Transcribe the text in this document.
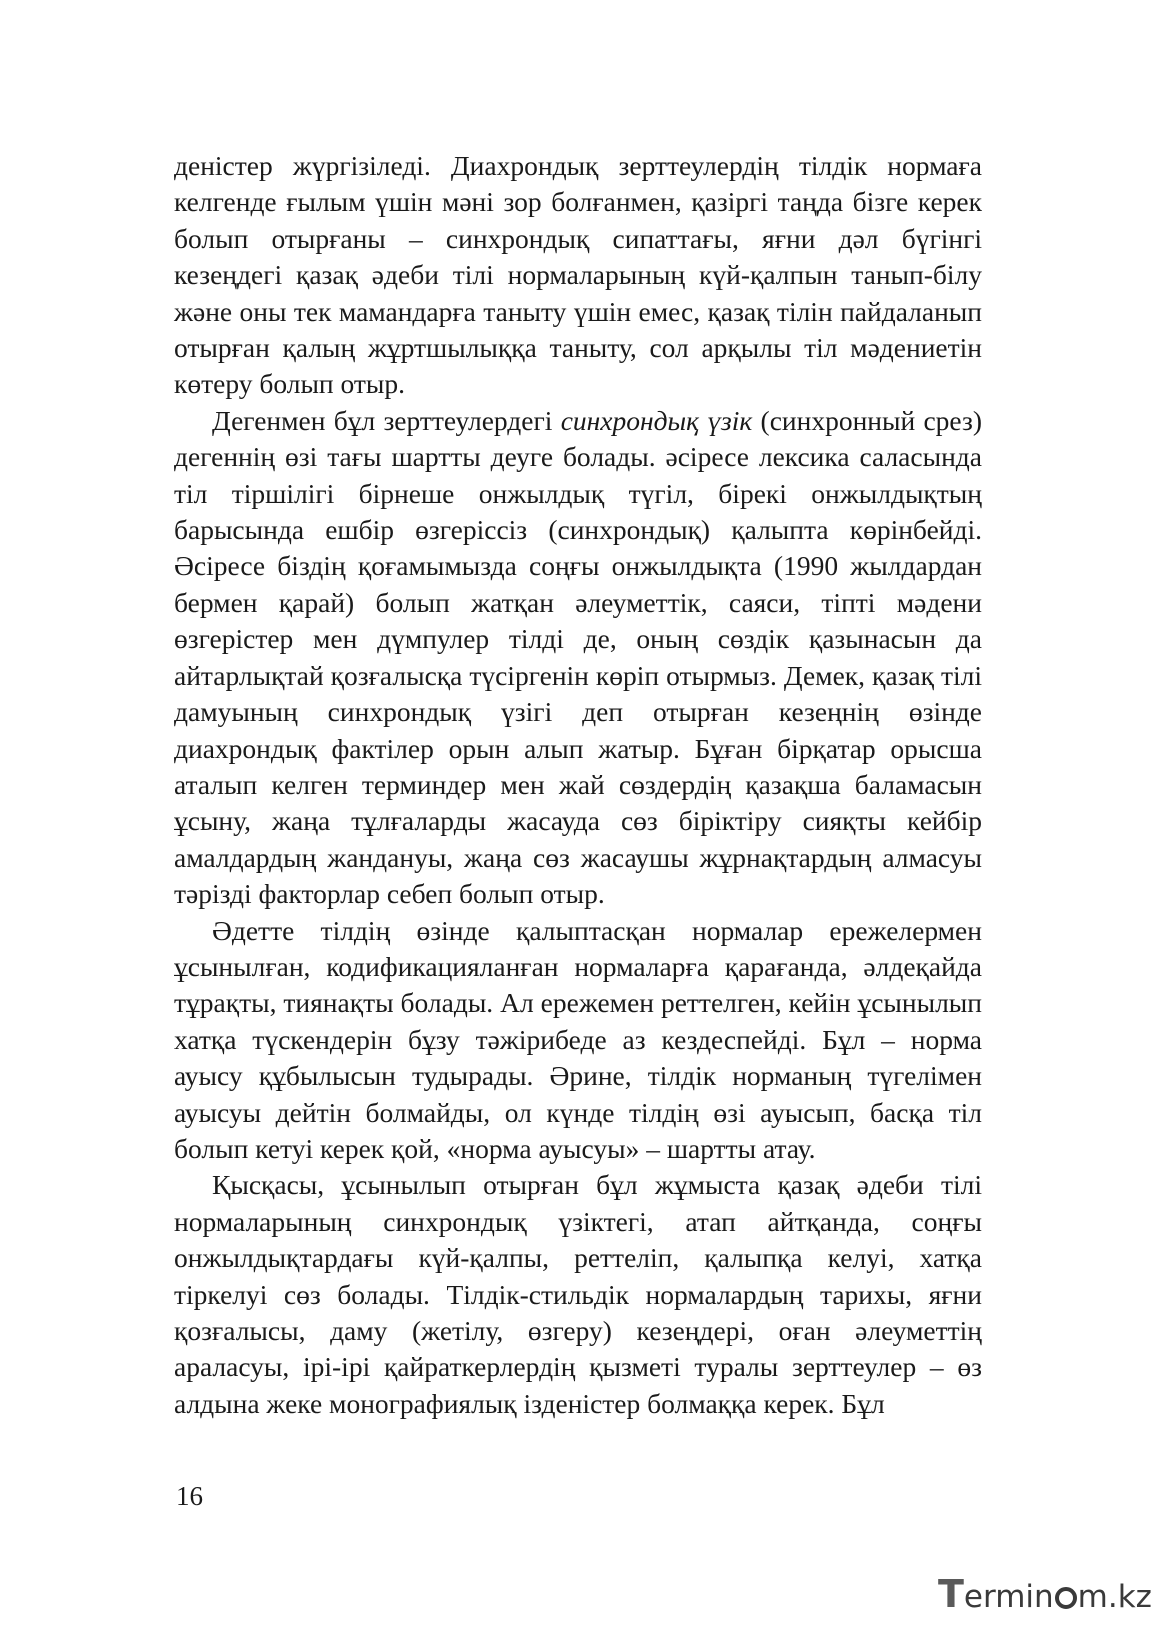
деністер жүргізіледі. Диахрондық зерттеулердің тілдік нормаға келгенде ғылым үшін мәні зор болғанмен, қазіргі таңда бізге керек болып отырғаны – синхрондық сипаттағы, яғни дәл бүгінгі кезеңдегі қазақ әдеби тілі нормаларының күй-қалпын танып-білу және оны тек мамандарға таныту үшін емес, қазақ тілін пайдаланып отырған қалың жұртшылыққа таныту, сол арқылы тіл мәдениетін көтеру болып отыр.

Дегенмен бұл зерттеулердегі синхрондық үзік (синхронный срез) дегеннің өзі тағы шартты деуге болады. әсіресе лексика саласында тіл тіршілігі бірнеше онжылдық түгіл, бірекі онжылдықтың барысында ешбір өзгеріссіз (синхрондық) қалыпта көрінбейді. Әсіресе біздің қоғамымызда соңғы онжылдықта (1990 жылдардан бермен қарай) болып жатқан әлеуметтік, саяси, тіпті мәдени өзгерістер мен дүмпулер тілді де, оның сөздік қазынасын да айтарлықтай қозғалысқа түсіргенін көріп отырмыз. Демек, қазақ тілі дамуының синхрондық үзігі деп отырған кезеңнің өзінде диахрондық фактілер орын алып жатыр. Бұған бірқатар орысша аталып келген терминдер мен жай сөздердің қазақша баламасын ұсыну, жаңа тұлғаларды жасауда сөз біріктіру сияқты кейбір амалдардың жандануы, жаңа сөз жасаушы жұрнақтардың алмасуы тәрізді факторлар себеп болып отыр.

Әдетте тілдің өзінде қалыптасқан нормалар ережелермен ұсынылған, кодификацияланған нормаларға қарағанда, әлдеқайда тұрақты, тиянақты болады. Ал ережемен реттелген, кейін ұсынылып хатқа түскендерін бұзу тәжірибеде аз кездеспейді. Бұл – норма ауысу құбылысын тудырады. Әрине, тілдік норманың түгелімен ауысуы дейтін болмайды, ол күнде тілдің өзі ауысып, басқа тіл болып кетуі керек қой, «норма ауысуы» – шартты атау.

Қысқасы, ұсынылып отырған бұл жұмыста қазақ әдеби тілі нормаларының синхрондық үзіктегі, атап айтқанда, соңғы онжылдықтардағы күй-қалпы, реттеліп, қалыпқа келуі, хатқа тіркелуі сөз болады. Тілдік-стильдік нормалардың тарихы, яғни қозғалысы, даму (жетілу, өзгеру) кезеңдері, оған әлеуметтің араласуы, ірі-ірі қайраткерлердің қызметі туралы зерттеулер – өз алдына жеке монографиялық ізденістер болмаққа керек. Бұл

16
Termin m.kz
